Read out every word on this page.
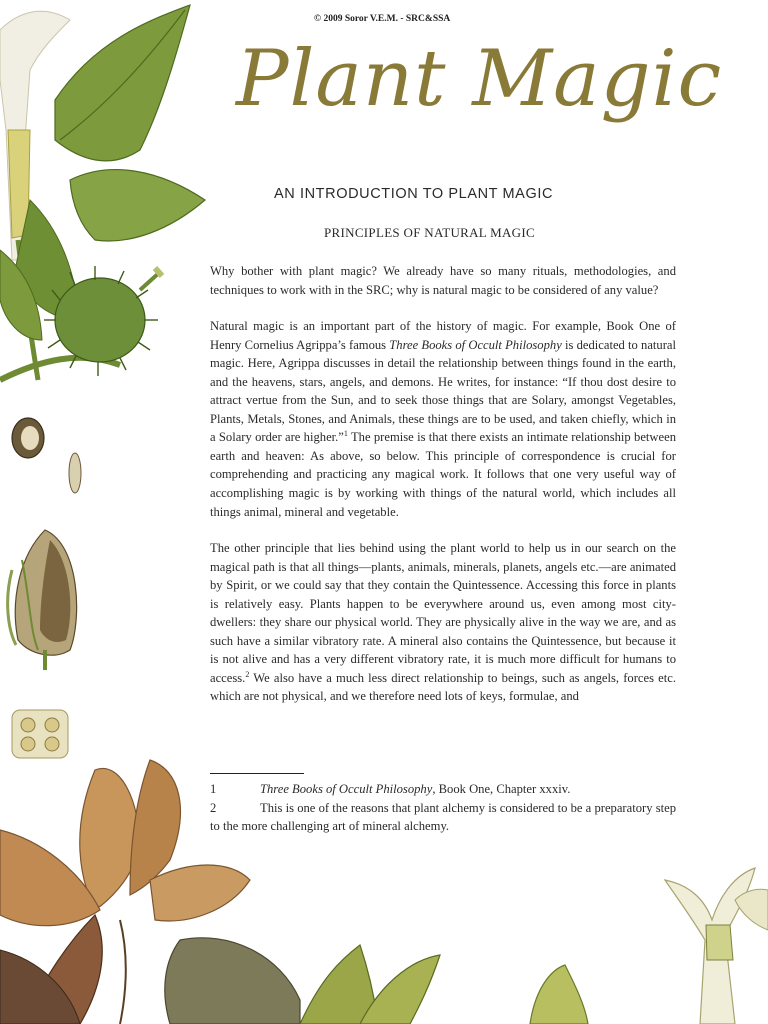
© 2009 Soror V.E.M. - SRC&SSA
Plant Magic
AN INTRODUCTION TO PLANT MAGIC
PRINCIPLES OF NATURAL MAGIC

Why bother with plant magic? We already have so many rituals, methodologies, and techniques to work with in the SRC; why is natural magic to be considered of any value?

Natural magic is an important part of the history of magic. For example, Book One of Henry Cornelius Agrippa’s famous Three Books of Occult Philosophy is dedicated to natural magic. Here, Agrippa discusses in detail the relationship between things found in the earth, and the heavens, stars, angels, and demons. He writes, for instance: “If thou dost desire to attract vertue from the Sun, and to seek those things that are Solary, amongst Vegetables, Plants, Metals, Stones, and Animals, these things are to be used, and taken chiefly, which in a Solary order are higher.”$^1$ The premise is that there exists an intimate relationship between earth and heaven: As above, so below. This principle of correspondence is crucial for comprehending and practicing any magical work. It follows that one very useful way of accomplishing magic is by working with things of the natural world, which includes all things animal, mineral and vegetable.

The other principle that lies behind using the plant world to help us in our search on the magical path is that all things—plants, animals, minerals, planets, angels etc.—are animated by Spirit, or we could say that they contain the Quintessence. Accessing this force in plants is relatively easy. Plants happen to be everywhere around us, even among most city-dwellers: they share our physical world. They are physically alive in the way we are, and as such have a similar vibratory rate. A mineral also contains the Quintessence, but because it is not alive and has a very different vibratory rate, it is much more difficult for humans to access.$^2$ We also have a much less direct relationship to beings, such as angels, forces etc. which are not physical, and we therefore need lots of keys, formulae, and

1	Three Books of Occult Philosophy, Book One, Chapter xxxiv.

2	This is one of the reasons that plant alchemy is considered to be a preparatory step to the more challenging art of mineral alchemy.
